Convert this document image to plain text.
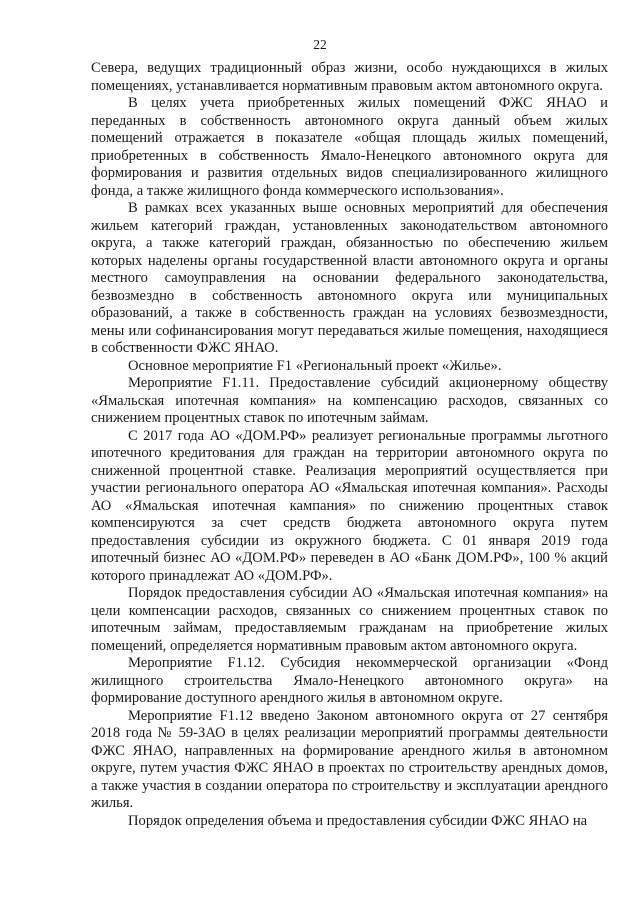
22

Севера, ведущих традиционный образ жизни, особо нуждающихся в жилых помещениях, устанавливается нормативным правовым актом автономного округа.

В целях учета приобретенных жилых помещений ФЖС ЯНАО и переданных в собственность автономного округа данный объем жилых помещений отражается в показателе «общая площадь жилых помещений, приобретенных в собственность Ямало-Ненецкого автономного округа для формирования и развития отдельных видов специализированного жилищного фонда, а также жилищного фонда коммерческого использования».

В рамках всех указанных выше основных мероприятий для обеспечения жильем категорий граждан, установленных законодательством автономного округа, а также категорий граждан, обязанностью по обеспечению жильем которых наделены органы государственной власти автономного округа и органы местного самоуправления на основании федерального законодательства, безвозмездно в собственность автономного округа или муниципальных образований, а также в собственность граждан на условиях безвозмездности, мены или софинансирования могут передаваться жилые помещения, находящиеся в собственности ФЖС ЯНАО.

Основное мероприятие F1 «Региональный проект «Жилье».

Мероприятие F1.11. Предоставление субсидий акционерному обществу «Ямальская ипотечная компания» на компенсацию расходов, связанных со снижением процентных ставок по ипотечным займам.

С 2017 года АО «ДОМ.РФ» реализует региональные программы льготного ипотечного кредитования для граждан на территории автономного округа по сниженной процентной ставке. Реализация мероприятий осуществляется при участии регионального оператора АО «Ямальская ипотечная компания». Расходы АО «Ямальская ипотечная кампания» по снижению процентных ставок компенсируются за счет средств бюджета автономного округа путем предоставления субсидии из окружного бюджета. С 01 января 2019 года ипотечный бизнес АО «ДОМ.РФ» переведен в АО «Банк ДОМ.РФ», 100 % акций которого принадлежат АО «ДОМ.РФ».

Порядок предоставления субсидии АО «Ямальская ипотечная компания» на цели компенсации расходов, связанных со снижением процентных ставок по ипотечным займам, предоставляемым гражданам на приобретение жилых помещений, определяется нормативным правовым актом автономного округа.

Мероприятие F1.12. Субсидия некоммерческой организации «Фонд жилищного строительства Ямало-Ненецкого автономного округа» на формирование доступного арендного жилья в автономном округе.

Мероприятие F1.12 введено Законом автономного округа от 27 сентября 2018 года № 59-ЗАО в целях реализации мероприятий программы деятельности ФЖС ЯНАО, направленных на формирование арендного жилья в автономном округе, путем участия ФЖС ЯНАО в проектах по строительству арендных домов, а также участия в создании оператора по строительству и эксплуатации арендного жилья.

Порядок определения объема и предоставления субсидии ФЖС ЯНАО на
